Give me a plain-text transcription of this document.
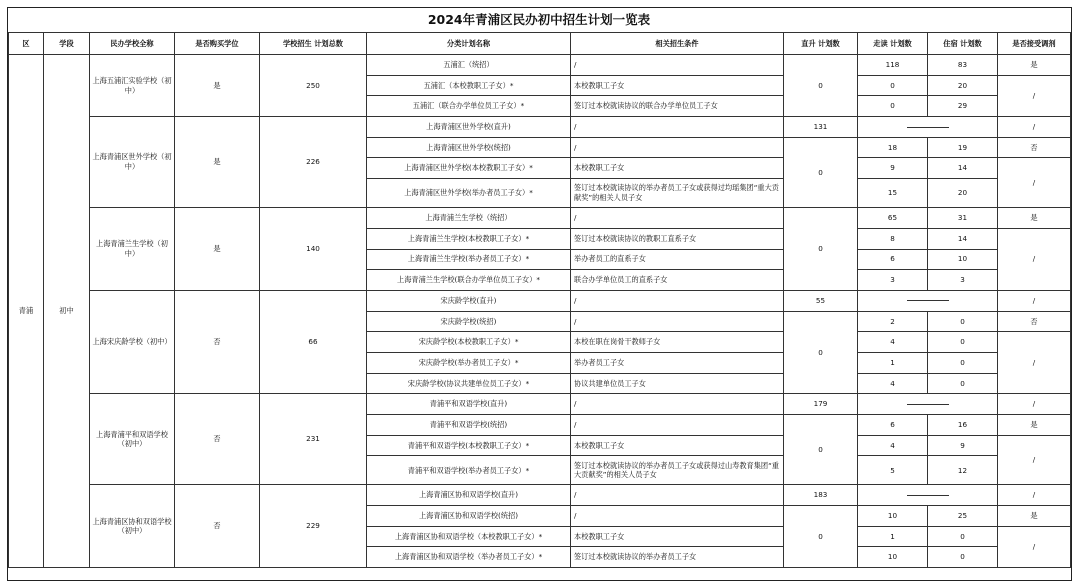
2024年青浦区民办初中招生计划一览表
区	学段	民办学校全称	是否购买学位	学校招生 计划总数	分类计划名称	相关招生条件	直升 计划数	走读 计划数	住宿 计划数	是否接受调剂
青浦	初中	上海五浦汇实验学校（初中）	是	250	五浦汇（统招）	/	0	118	83	是
					五浦汇（本校教职工子女）*	本校教职工子女		0	20	/
					五浦汇（联合办学单位员工子女）*	签订过本校就读协议的联合办学单位员工子女		0	29	
		上海青浦区世外学校（初中）	是	226	上海青浦区世外学校(直升)	/	131			/
					上海青浦区世外学校(统招)	/	0	18	19	否
					上海青浦区世外学校(本校教职工子女）*	本校教职工子女		9	14	/
					上海青浦区世外学校(举办者员工子女）*	签订过本校就读协议的举办者员工子女或获得过均瑶集团“重大贡献奖”的相关人员子女		15	20	
		上海青浦兰生学校（初中）	是	140	上海青浦兰生学校（统招）	/	0	65	31	是
					上海青浦兰生学校(本校教职工子女）*	签订过本校就读协议的教职工直系子女		8	14	/
					上海青浦兰生学校(举办者员工子女）*	举办者员工的直系子女		6	10	
					上海青浦兰生学校(联合办学单位员工子女）*	联合办学单位员工的直系子女		3	3	
		上海宋庆龄学校（初中）	否	66	宋庆龄学校(直升)	/	55			/
					宋庆龄学校(统招)	/	0	2	0	否
					宋庆龄学校(本校教职工子女）*	本校在职在岗骨干教师子女		4	0	/
					宋庆龄学校(举办者员工子女）*	举办者员工子女		1	0	
					宋庆龄学校(协议共建单位员工子女）*	协议共建单位员工子女		4	0	
		上海青浦平和双语学校（初中）	否	231	青浦平和双语学校(直升)	/	179			/
					青浦平和双语学校(统招)	/	0	6	16	是
					青浦平和双语学校(本校教职工子女）*	本校教职工子女		4	9	/
					青浦平和双语学校(举办者员工子女）*	签订过本校就读协议的举办者员工子女或获得过山寿教育集团“重大贡献奖”的相关人员子女		5	12	
		上海青浦区协和双语学校（初中）	否	229	上海青浦区协和双语学校(直升)	/	183			/
					上海青浦区协和双语学校(统招)	/	0	10	25	是
					上海青浦区协和双语学校（本校教职工子女）*	本校教职工子女		1	0	/
					上海青浦区协和双语学校（举办者员工子女）*	签订过本校就读协议的举办者员工子女		10	0	
